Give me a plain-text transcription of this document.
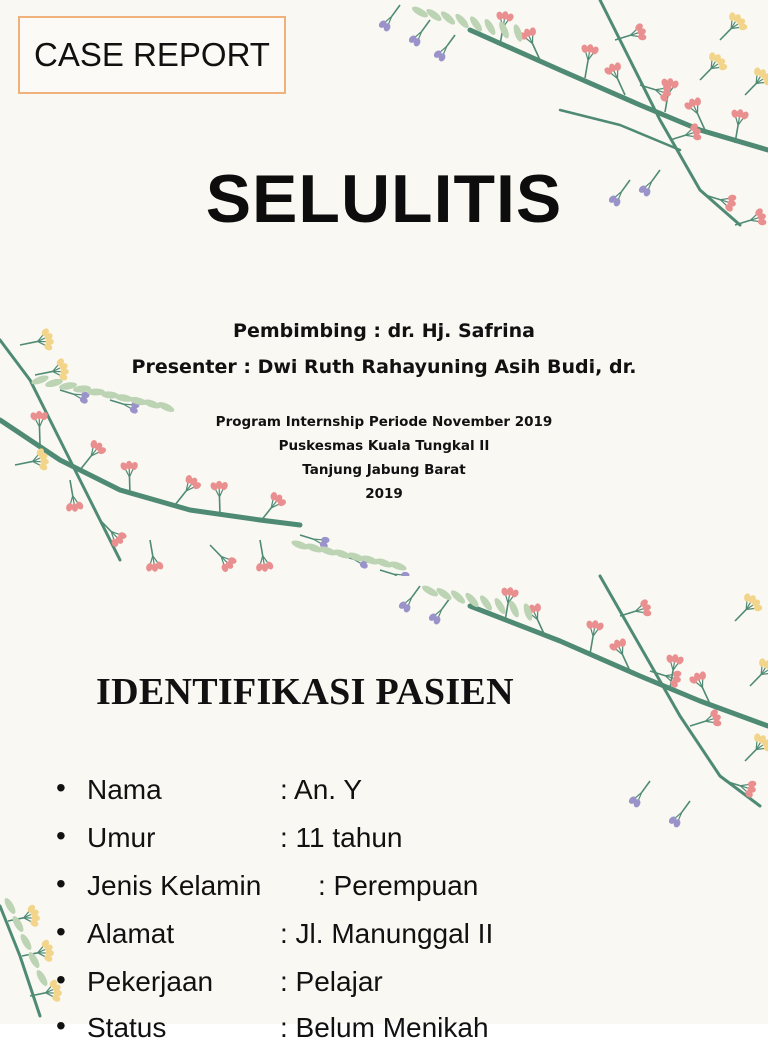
CASE REPORT
SELULITIS
Pembimbing : dr. Hj. Safrina
Presenter : Dwi Ruth Rahayuning Asih Budi, dr.
Program Internship Periode November 2019
Puskesmas Kuala Tungkal II
Tanjung Jabung Barat
2019
IDENTIFIKASI PASIEN
• Nama	: An. Y
• Umur	: 11 tahun
• Jenis Kelamin : Perempuan
• Alamat	: Jl. Manunggal II
• Pekerjaan : Pelajar
• Status	: Belum Menikah
